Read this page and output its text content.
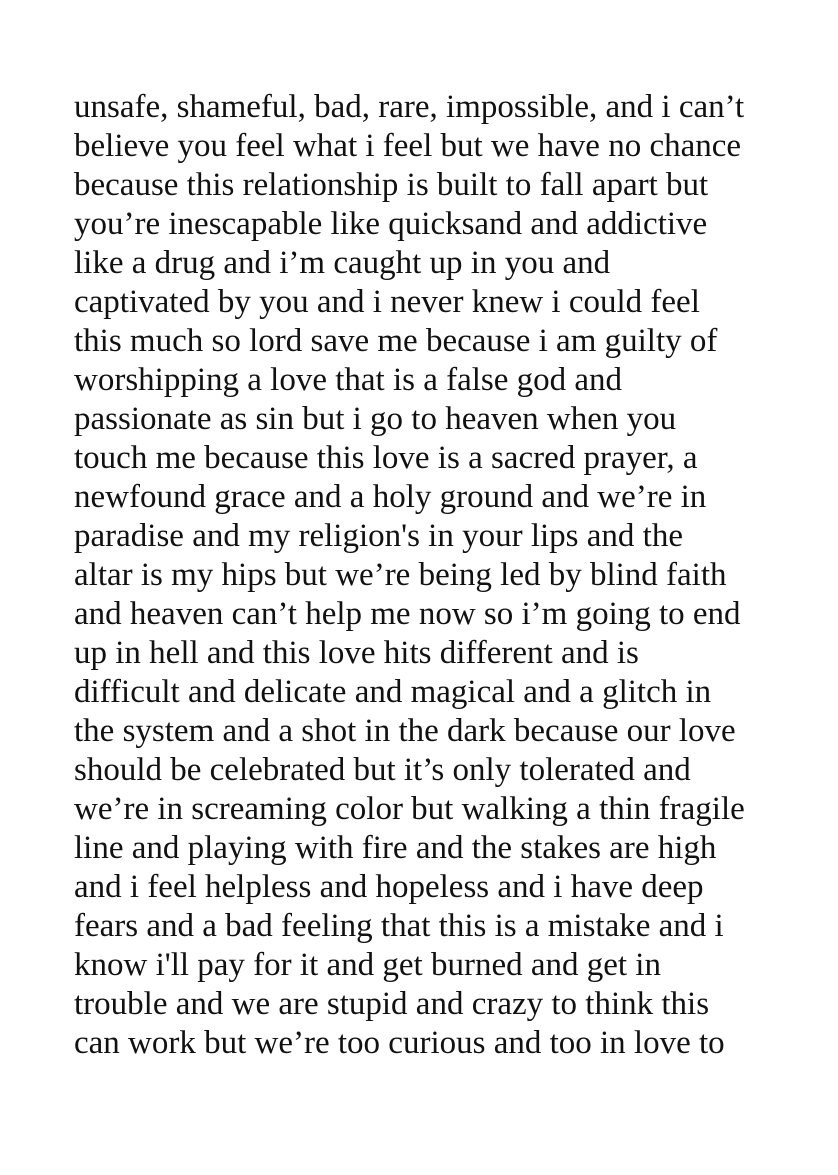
unsafe, shameful, bad, rare, impossible, and i can’t
believe you feel what i feel but we have no chance
because this relationship is built to fall apart but
you’re inescapable like quicksand and addictive
like a drug and i’m caught up in you and
captivated by you and i never knew i could feel
this much so lord save me because i am guilty of
worshipping a love that is a false god and
passionate as sin but i go to heaven when you
touch me because this love is a sacred prayer, a
newfound grace and a holy ground and we’re in
paradise and my religion's in your lips and the
altar is my hips but we’re being led by blind faith
and heaven can’t help me now so i’m going to end
up in hell and this love hits different and is
difficult and delicate and magical and a glitch in
the system and a shot in the dark because our love
should be celebrated but it’s only tolerated and
we’re in screaming color but walking a thin fragile
line and playing with fire and the stakes are high
and i feel helpless and hopeless and i have deep
fears and a bad feeling that this is a mistake and i
know i'll pay for it and get burned and get in
trouble and we are stupid and crazy to think this
can work but we’re too curious and too in love to
